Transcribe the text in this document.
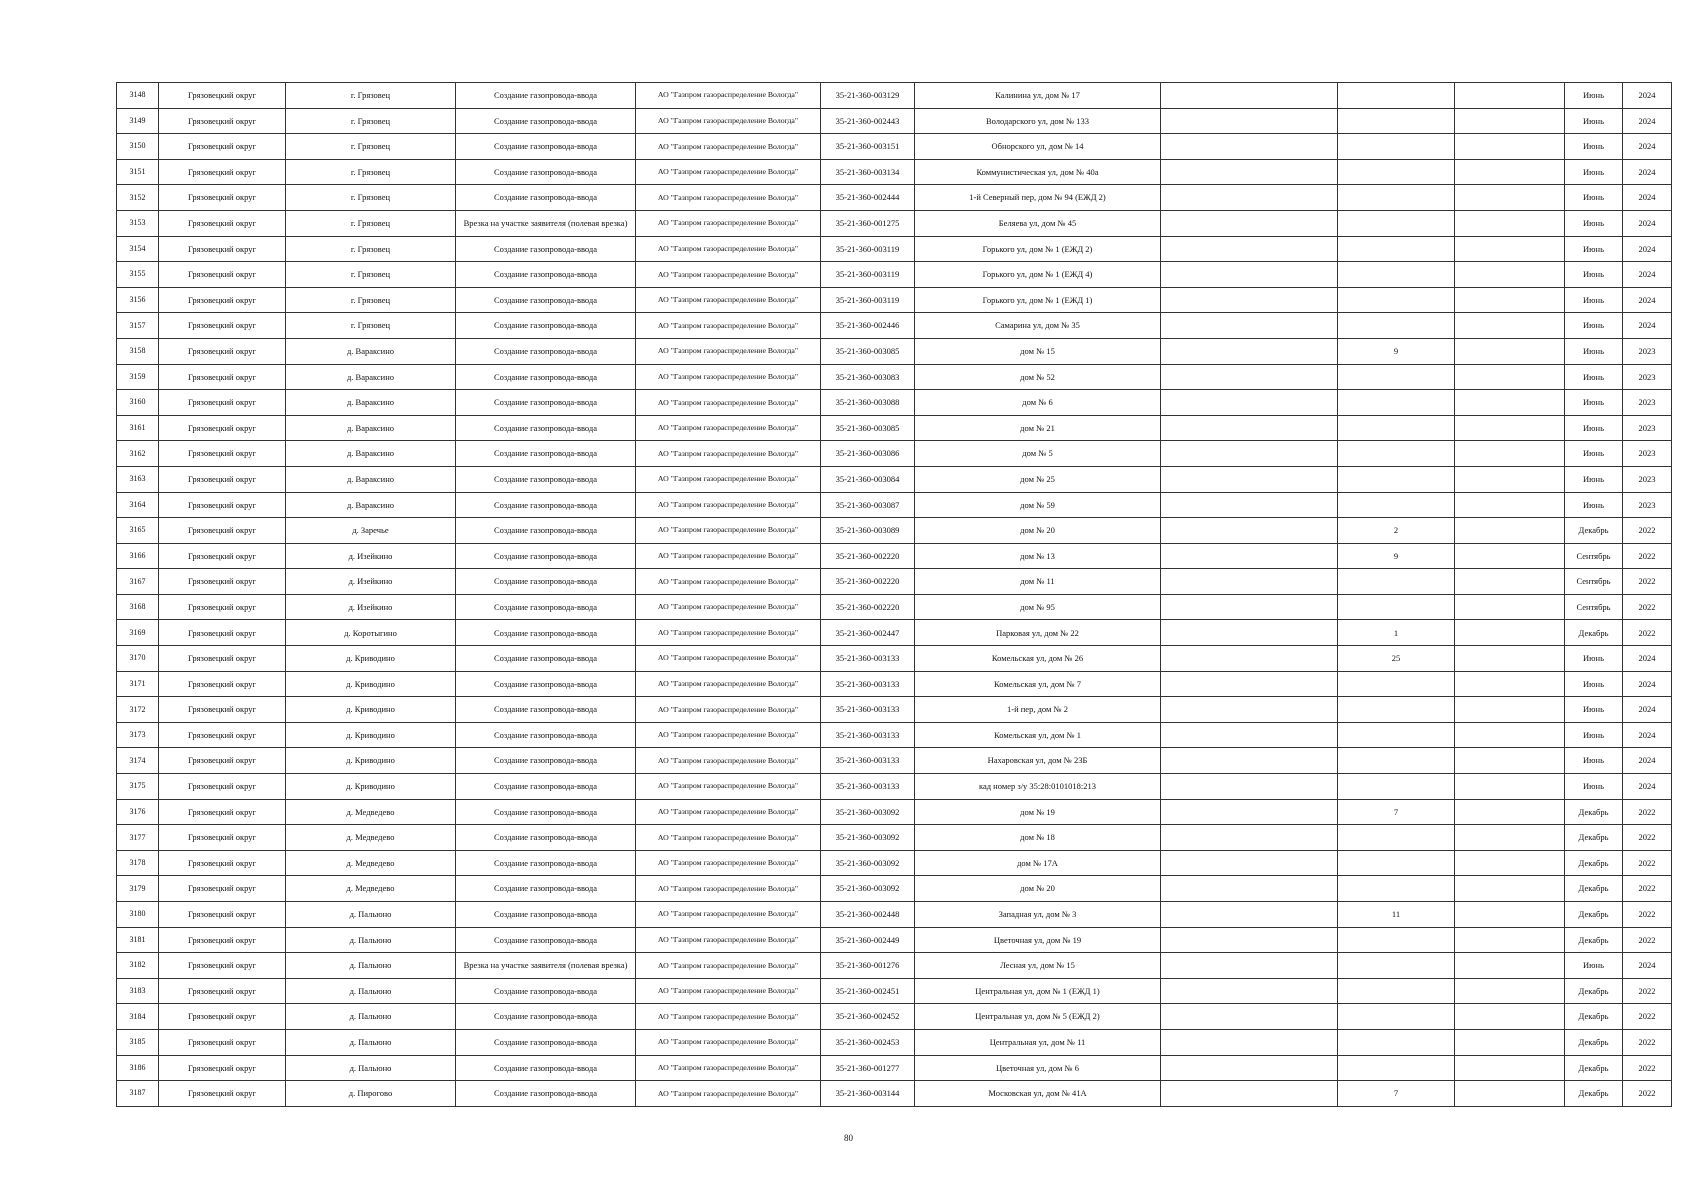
3148	Грязовецкий округ	г. Грязовец	Создание газопровода-ввода	АО "Газпром газораспределение Вологда"	35-21-360-003129	Калинина ул, дом № 17				Июнь	2024
3149	Грязовецкий округ	г. Грязовец	Создание газопровода-ввода	АО "Газпром газораспределение Вологда"	35-21-360-002443	Володарского ул, дом № 133				Июнь	2024
3150	Грязовецкий округ	г. Грязовец	Создание газопровода-ввода	АО "Газпром газораспределение Вологда"	35-21-360-003151	Обнорского ул, дом № 14				Июнь	2024
3151	Грязовецкий округ	г. Грязовец	Создание газопровода-ввода	АО "Газпром газораспределение Вологда"	35-21-360-003134	Коммунистическая ул, дом № 40а				Июнь	2024
3152	Грязовецкий округ	г. Грязовец	Создание газопровода-ввода	АО "Газпром газораспределение Вологда"	35-21-360-002444	1-й Северный пер, дом № 94 (ЕЖД 2)				Июнь	2024
3153	Грязовецкий округ	г. Грязовец	Врезка на участке заявителя (полевая врезка)	АО "Газпром газораспределение Вологда"	35-21-360-001275	Беляева ул, дом № 45				Июнь	2024
3154	Грязовецкий округ	г. Грязовец	Создание газопровода-ввода	АО "Газпром газораспределение Вологда"	35-21-360-003119	Горького ул, дом № 1 (ЕЖД 2)				Июнь	2024
3155	Грязовецкий округ	г. Грязовец	Создание газопровода-ввода	АО "Газпром газораспределение Вологда"	35-21-360-003119	Горького ул, дом № 1 (ЕЖД 4)				Июнь	2024
3156	Грязовецкий округ	г. Грязовец	Создание газопровода-ввода	АО "Газпром газораспределение Вологда"	35-21-360-003119	Горького ул, дом № 1 (ЕЖД 1)				Июнь	2024
3157	Грязовецкий округ	г. Грязовец	Создание газопровода-ввода	АО "Газпром газораспределение Вологда"	35-21-360-002446	Самарина ул, дом № 35				Июнь	2024
3158	Грязовецкий округ	д. Вараксино	Создание газопровода-ввода	АО "Газпром газораспределение Вологда"	35-21-360-003085	дом № 15		9		Июнь	2023
3159	Грязовецкий округ	д. Вараксино	Создание газопровода-ввода	АО "Газпром газораспределение Вологда"	35-21-360-003083	дом № 52				Июнь	2023
3160	Грязовецкий округ	д. Вараксино	Создание газопровода-ввода	АО "Газпром газораспределение Вологда"	35-21-360-003088	дом № 6				Июнь	2023
3161	Грязовецкий округ	д. Вараксино	Создание газопровода-ввода	АО "Газпром газораспределение Вологда"	35-21-360-003085	дом № 21				Июнь	2023
3162	Грязовецкий округ	д. Вараксино	Создание газопровода-ввода	АО "Газпром газораспределение Вологда"	35-21-360-003086	дом № 5				Июнь	2023
3163	Грязовецкий округ	д. Вараксино	Создание газопровода-ввода	АО "Газпром газораспределение Вологда"	35-21-360-003084	дом № 25				Июнь	2023
3164	Грязовецкий округ	д. Вараксино	Создание газопровода-ввода	АО "Газпром газораспределение Вологда"	35-21-360-003087	дом № 59				Июнь	2023
3165	Грязовецкий округ	д. Заречье	Создание газопровода-ввода	АО "Газпром газораспределение Вологда"	35-21-360-003089	дом № 20		2		Декабрь	2022
3166	Грязовецкий округ	д. Изейкино	Создание газопровода-ввода	АО "Газпром газораспределение Вологда"	35-21-360-002220	дом № 13		9		Сентябрь	2022
3167	Грязовецкий округ	д. Изейкино	Создание газопровода-ввода	АО "Газпром газораспределение Вологда"	35-21-360-002220	дом № 11				Сентябрь	2022
3168	Грязовецкий округ	д. Изейкино	Создание газопровода-ввода	АО "Газпром газораспределение Вологда"	35-21-360-002220	дом № 95				Сентябрь	2022
3169	Грязовецкий округ	д. Коротыгино	Создание газопровода-ввода	АО "Газпром газораспределение Вологда"	35-21-360-002447	Парковая ул, дом № 22		1		Декабрь	2022
3170	Грязовецкий округ	д. Криводино	Создание газопровода-ввода	АО "Газпром газораспределение Вологда"	35-21-360-003133	Комельская ул, дом № 26		25		Июнь	2024
3171	Грязовецкий округ	д. Криводино	Создание газопровода-ввода	АО "Газпром газораспределение Вологда"	35-21-360-003133	Комельская ул, дом № 7				Июнь	2024
3172	Грязовецкий округ	д. Криводино	Создание газопровода-ввода	АО "Газпром газораспределение Вологда"	35-21-360-003133	1-й пер, дом № 2				Июнь	2024
3173	Грязовецкий округ	д. Криводино	Создание газопровода-ввода	АО "Газпром газораспределение Вологда"	35-21-360-003133	Комельская ул, дом № 1				Июнь	2024
3174	Грязовецкий округ	д. Криводино	Создание газопровода-ввода	АО "Газпром газораспределение Вологда"	35-21-360-003133	Нахаровская ул, дом № 23Б				Июнь	2024
3175	Грязовецкий округ	д. Криводино	Создание газопровода-ввода	АО "Газпром газораспределение Вологда"	35-21-360-003133	кад номер з/у 35:28:0101018:213				Июнь	2024
3176	Грязовецкий округ	д. Медведево	Создание газопровода-ввода	АО "Газпром газораспределение Вологда"	35-21-360-003092	дом № 19		7		Декабрь	2022
3177	Грязовецкий округ	д. Медведево	Создание газопровода-ввода	АО "Газпром газораспределение Вологда"	35-21-360-003092	дом № 18				Декабрь	2022
3178	Грязовецкий округ	д. Медведево	Создание газопровода-ввода	АО "Газпром газораспределение Вологда"	35-21-360-003092	дом № 17А				Декабрь	2022
3179	Грязовецкий округ	д. Медведево	Создание газопровода-ввода	АО "Газпром газораспределение Вологда"	35-21-360-003092	дом № 20				Декабрь	2022
3180	Грязовецкий округ	д. Пальюно	Создание газопровода-ввода	АО "Газпром газораспределение Вологда"	35-21-360-002448	Западная ул, дом № 3		11		Декабрь	2022
3181	Грязовецкий округ	д. Пальюно	Создание газопровода-ввода	АО "Газпром газораспределение Вологда"	35-21-360-002449	Цветочная ул, дом № 19				Декабрь	2022
3182	Грязовецкий округ	д. Пальюно	Врезка на участке заявителя (полевая врезка)	АО "Газпром газораспределение Вологда"	35-21-360-001276	Лесная ул, дом № 15				Июнь	2024
3183	Грязовецкий округ	д. Пальюно	Создание газопровода-ввода	АО "Газпром газораспределение Вологда"	35-21-360-002451	Центральная ул, дом № 1 (ЕЖД 1)				Декабрь	2022
3184	Грязовецкий округ	д. Пальюно	Создание газопровода-ввода	АО "Газпром газораспределение Вологда"	35-21-360-002452	Центральная ул, дом № 5 (ЕЖД 2)				Декабрь	2022
3185	Грязовецкий округ	д. Пальюно	Создание газопровода-ввода	АО "Газпром газораспределение Вологда"	35-21-360-002453	Центральная ул, дом № 11				Декабрь	2022
3186	Грязовецкий округ	д. Пальюно	Создание газопровода-ввода	АО "Газпром газораспределение Вологда"	35-21-360-001277	Цветочная ул, дом № 6				Декабрь	2022
3187	Грязовецкий округ	д. Пирогово	Создание газопровода-ввода	АО "Газпром газораспределение Вологда"	35-21-360-003144	Московская ул, дом № 41А		7		Декабрь	2022
80
